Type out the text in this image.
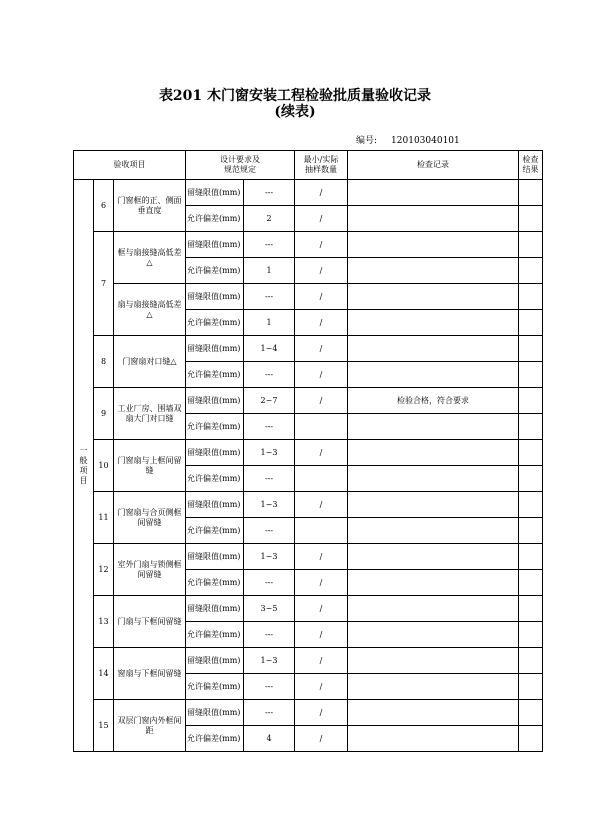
表201 木门窗安装工程检验批质量验收记录
(续表)
编号: 120103040101
验收项目			设计要求及
规范规定		最小/实际
抽样数量	检查记录	检查
结果
一
般
项
目	6	门窗框的正、侧面垂直度	留缝限值(mm)	---	/		
			允许偏差(mm)	2	/		
	7	框与扇接缝高低差△	留缝限值(mm)	---	/		
			允许偏差(mm)	1	/		
		扇与扇接缝高低差△	留缝限值(mm)	---	/		
			允许偏差(mm)	1	/		
	8	门窗扇对口缝△	留缝限值(mm)	1~4	/		
			允许偏差(mm)	---	/		
	9	工业厂房、围墙双扇大门对口缝	留缝限值(mm)	2~7	/	检验合格，符合要求	
			允许偏差(mm)	---			
	10	门窗扇与上框间留缝	留缝限值(mm)	1~3	/		
			允许偏差(mm)	---			
	11	门窗扇与合页侧框间留缝	留缝限值(mm)	1~3	/		
			允许偏差(mm)	---			
	12	室外门扇与锁侧框间留缝	留缝限值(mm)	1~3	/		
			允许偏差(mm)	---	/		
	13	门扇与下框间留缝	留缝限值(mm)	3~5	/		
			允许偏差(mm)	---	/		
	14	窗扇与下框间留缝	留缝限值(mm)	1~3	/		
			允许偏差(mm)	---	/		
	15	双层门窗内外框间距	留缝限值(mm)	---	/		
			允许偏差(mm)	4	/		
